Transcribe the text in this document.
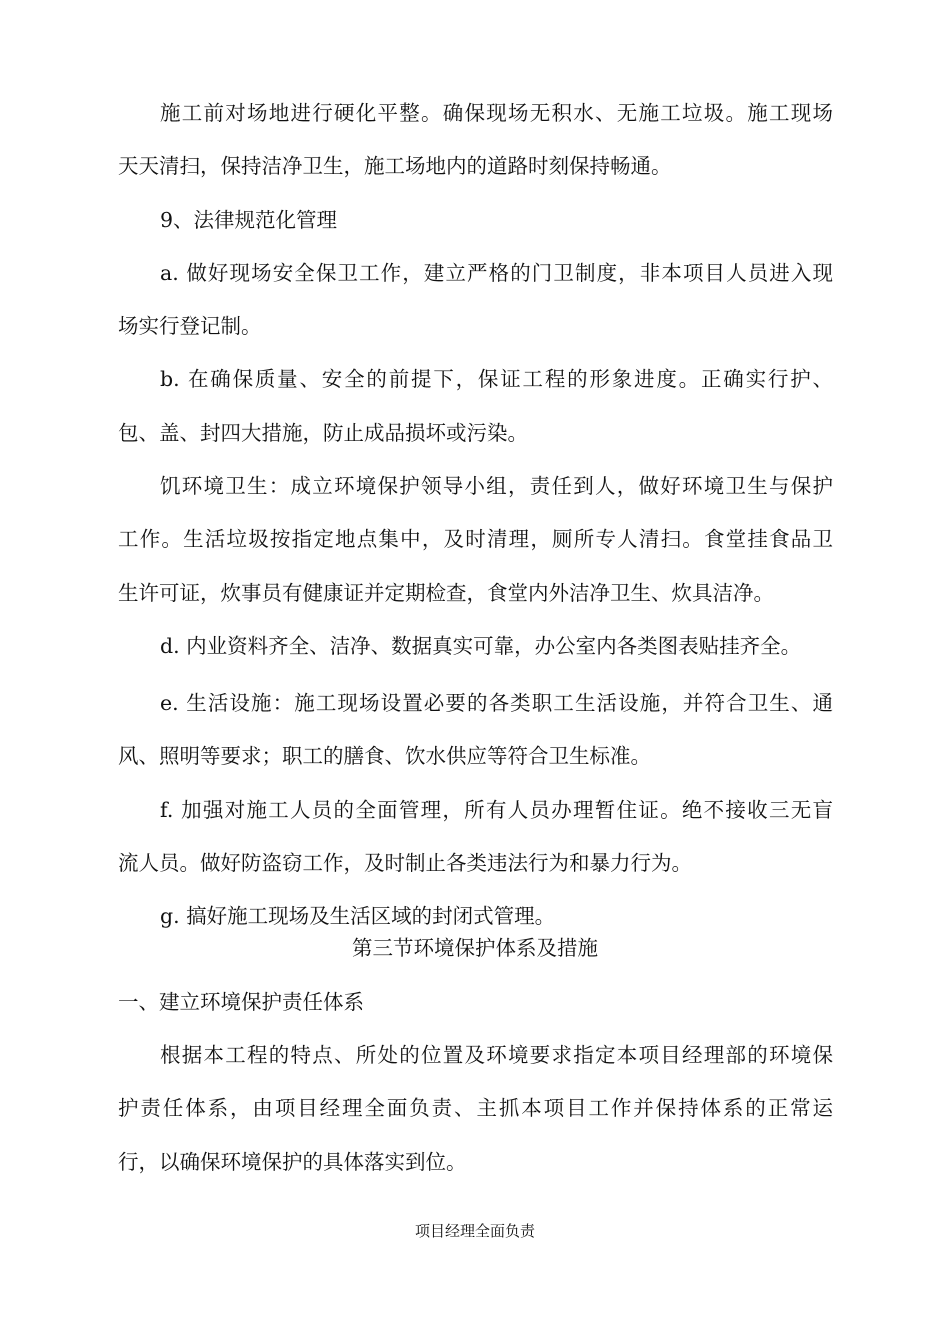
施工前对场地进行硬化平整。确保现场无积水、无施工垃圾。施工现场
天天清扫，保持洁净卫生，施工场地内的道路时刻保持畅通。
9、法律规范化管理
a. 做好现场安全保卫工作，建立严格的门卫制度，非本项目人员进入现
场实行登记制。
b. 在确保质量、安全的前提下，保证工程的形象进度。正确实行护、
包、盖、封四大措施，防止成品损坏或污染。
饥环境卫生：成立环境保护领导小组，责任到人，做好环境卫生与保护
工作。生活垃圾按指定地点集中，及时清理，厕所专人清扫。食堂挂食品卫
生许可证，炊事员有健康证并定期检查，食堂内外洁净卫生、炊具洁净。
d. 内业资料齐全、洁净、数据真实可靠，办公室内各类图表贴挂齐全。
e. 生活设施：施工现场设置必要的各类职工生活设施，并符合卫生、通
风、照明等要求；职工的膳食、饮水供应等符合卫生标准。
f. 加强对施工人员的全面管理，所有人员办理暂住证。绝不接收三无盲
流人员。做好防盗窃工作，及时制止各类违法行为和暴力行为。
g. 搞好施工现场及生活区域的封闭式管理。
第三节环境保护体系及措施
一、建立环境保护责任体系
根据本工程的特点、所处的位置及环境要求指定本项目经理部的环境保
护责任体系，由项目经理全面负责、主抓本项目工作并保持体系的正常运
行，以确保环境保护的具体落实到位。
项目经理全面负责
